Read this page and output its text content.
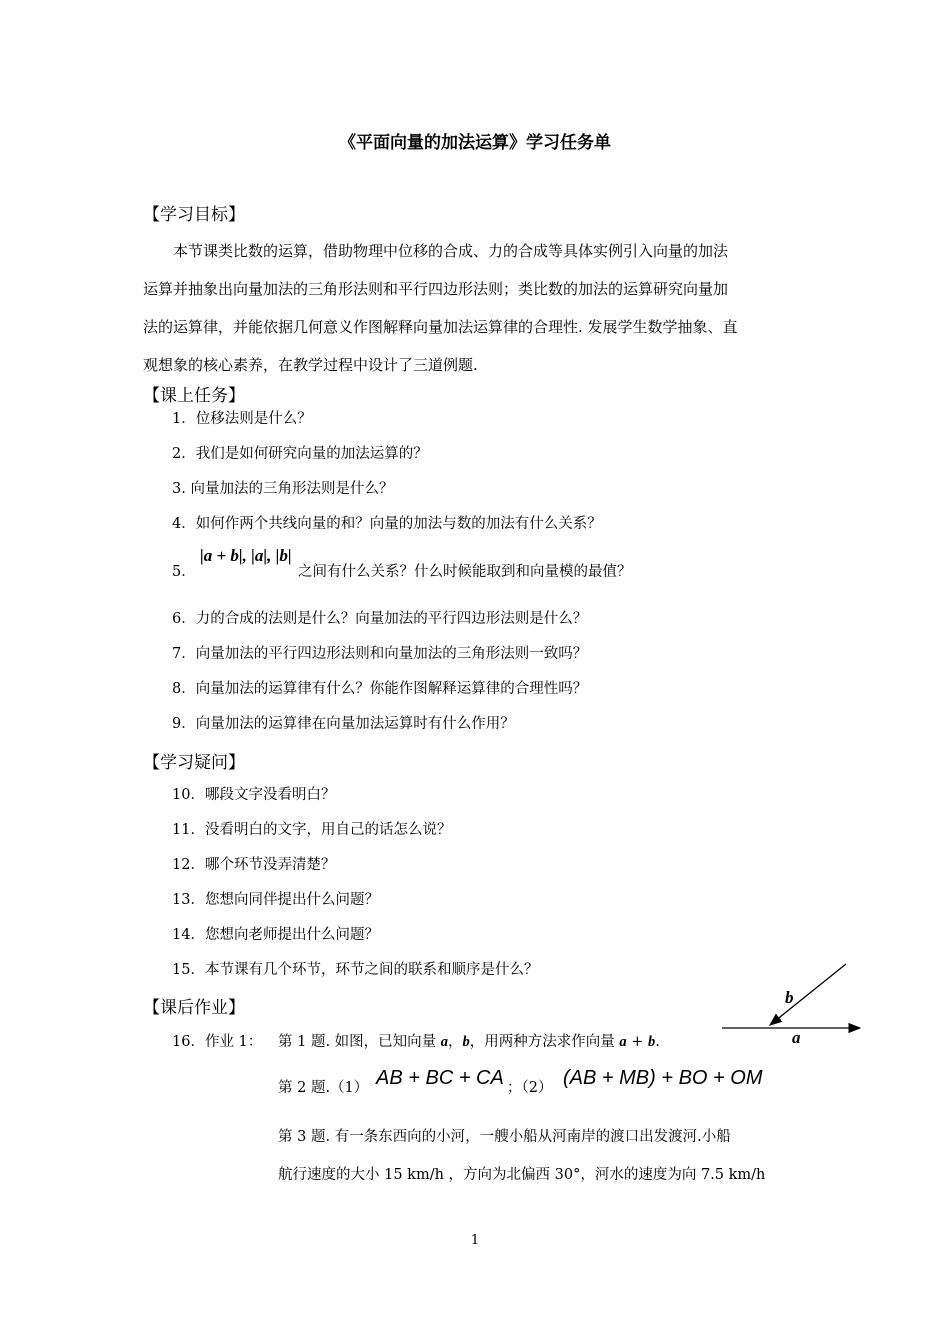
《平面向量的加法运算》学习任务单
【学习目标】
本节课类比数的运算，借助物理中位移的合成、力的合成等具体实例引入向量的加法
运算并抽象出向量加法的三角形法则和平行四边形法则；类比数的加法的运算研究向量加
法的运算律，并能依据几何意义作图解释向量加法运算律的合理性. 发展学生数学抽象、直
观想象的核心素养，在教学过程中设计了三道例题.
【课上任务】
1．位移法则是什么？
2．我们是如何研究向量的加法运算的？
3. 向量加法的三角形法则是什么？
4．如何作两个共线向量的和？向量的加法与数的加法有什么关系？
5．
|a + b|, |a|, |b|
之间有什么关系？什么时候能取到和向量模的最值？
6．力的合成的法则是什么？向量加法的平行四边形法则是什么？
7．向量加法的平行四边形法则和向量加法的三角形法则一致吗？
8．向量加法的运算律有什么？你能作图解释运算律的合理性吗？
9．向量加法的运算律在向量加法运算时有什么作用？
【学习疑问】
10．哪段文字没看明白？
11．没看明白的文字，用自己的话怎么说？
12．哪个环节没弄清楚？
13．您想向同伴提出什么问题？
14．您想向老师提出什么问题？
15．本节课有几个环节，环节之间的联系和顺序是什么？
【课后作业】
16．作业 1： 第 1 题. 如图，已知向量 a，b，用两种方法求作向量 a + b.
第 2 题.（1） AB + BC + CA ；（2） (AB + MB) + BO + OM
第 3 题. 有一条东西向的小河，一艘小船从河南岸的渡口出发渡河.小船
航行速度的大小 15 km/h ，方向为北偏西 30°，河水的速度为向 7.5 km/h
b
a
1
